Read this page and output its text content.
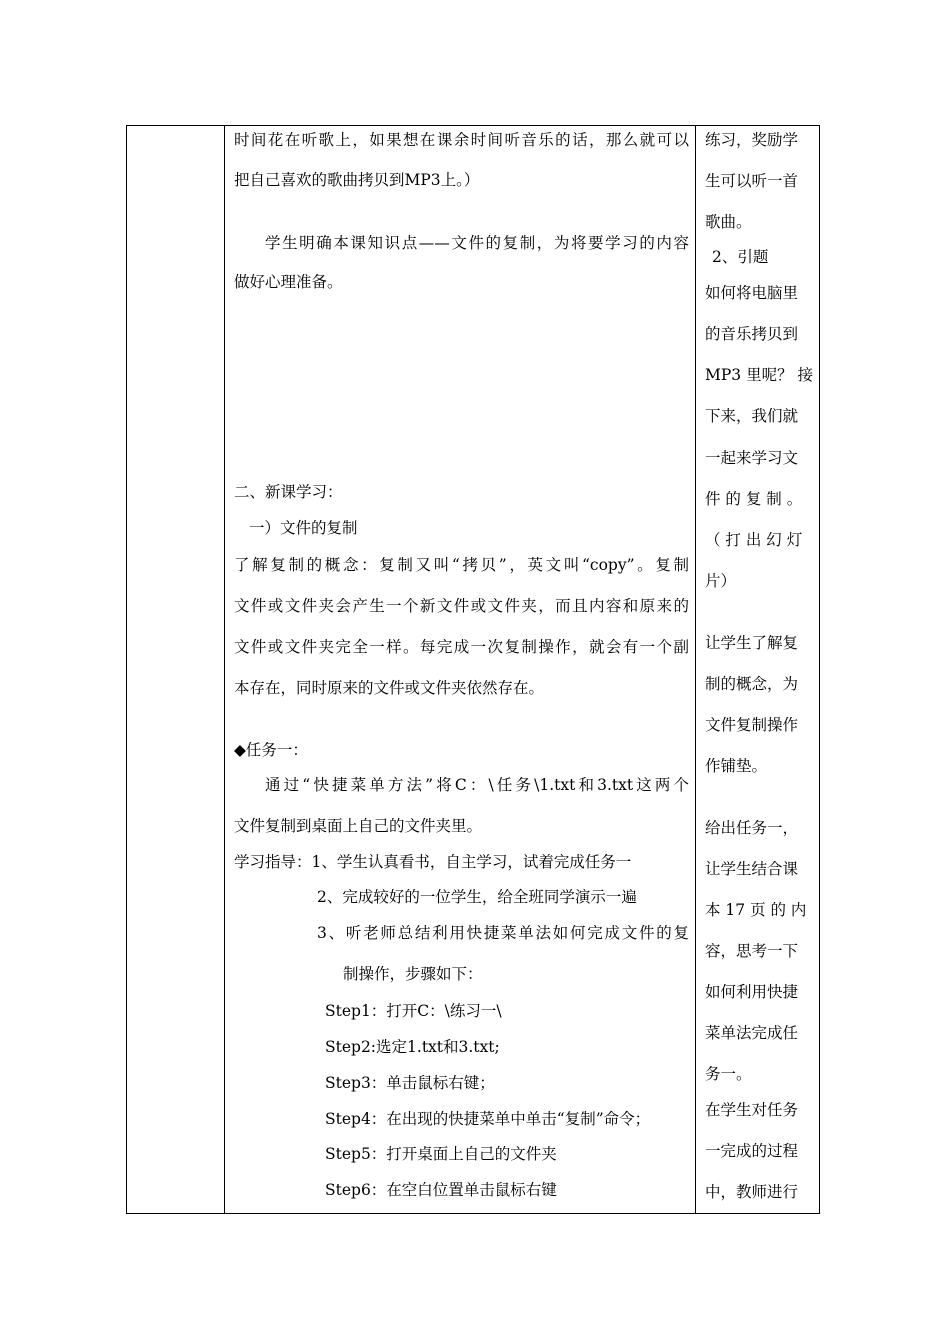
时间花在听歌上，如果想在课余时间听音乐的话，那么就可以
把自己喜欢的歌曲拷贝到MP3上。）
学生明确本课知识点——文件的复制，为将要学习的内容
做好心理准备。
二、新课学习：
一）文件的复制
了解复制的概念：复制又叫“拷贝”，英文叫“copy”。复制
文件或文件夹会产生一个新文件或文件夹，而且内容和原来的
文件或文件夹完全一样。每完成一次复制操作，就会有一个副
本存在，同时原来的文件或文件夹依然存在。
◆任务一：
通过“快捷菜单方法”将C：\任务\1.txt和3.txt这两个
文件复制到桌面上自己的文件夹里。
学习指导：1、学生认真看书，自主学习，试着完成任务一
2、完成较好的一位学生，给全班同学演示一遍
3、听老师总结利用快捷菜单法如何完成文件的复
制操作，步骤如下：
Step1：打开C：\练习一\
Step2:选定1.txt和3.txt;
Step3：单击鼠标右键；
Step4：在出现的快捷菜单中单击“复制”命令；
Step5：打开桌面上自己的文件夹
Step6：在空白位置单击鼠标右键
练习，奖励学
生可以听一首
歌曲。
2、引题
如何将电脑里
的音乐拷贝到
MP3 里呢？ 接
下来，我们就
一起来学习文
件 的 复 制 。
（ 打 出 幻 灯
片）
让学生了解复
制的概念，为
文件复制操作
作铺垫。
给出任务一，
让学生结合课
本 17 页 的 内
容，思考一下
如何利用快捷
菜单法完成任
务一。
在学生对任务
一完成的过程
中，教师进行
